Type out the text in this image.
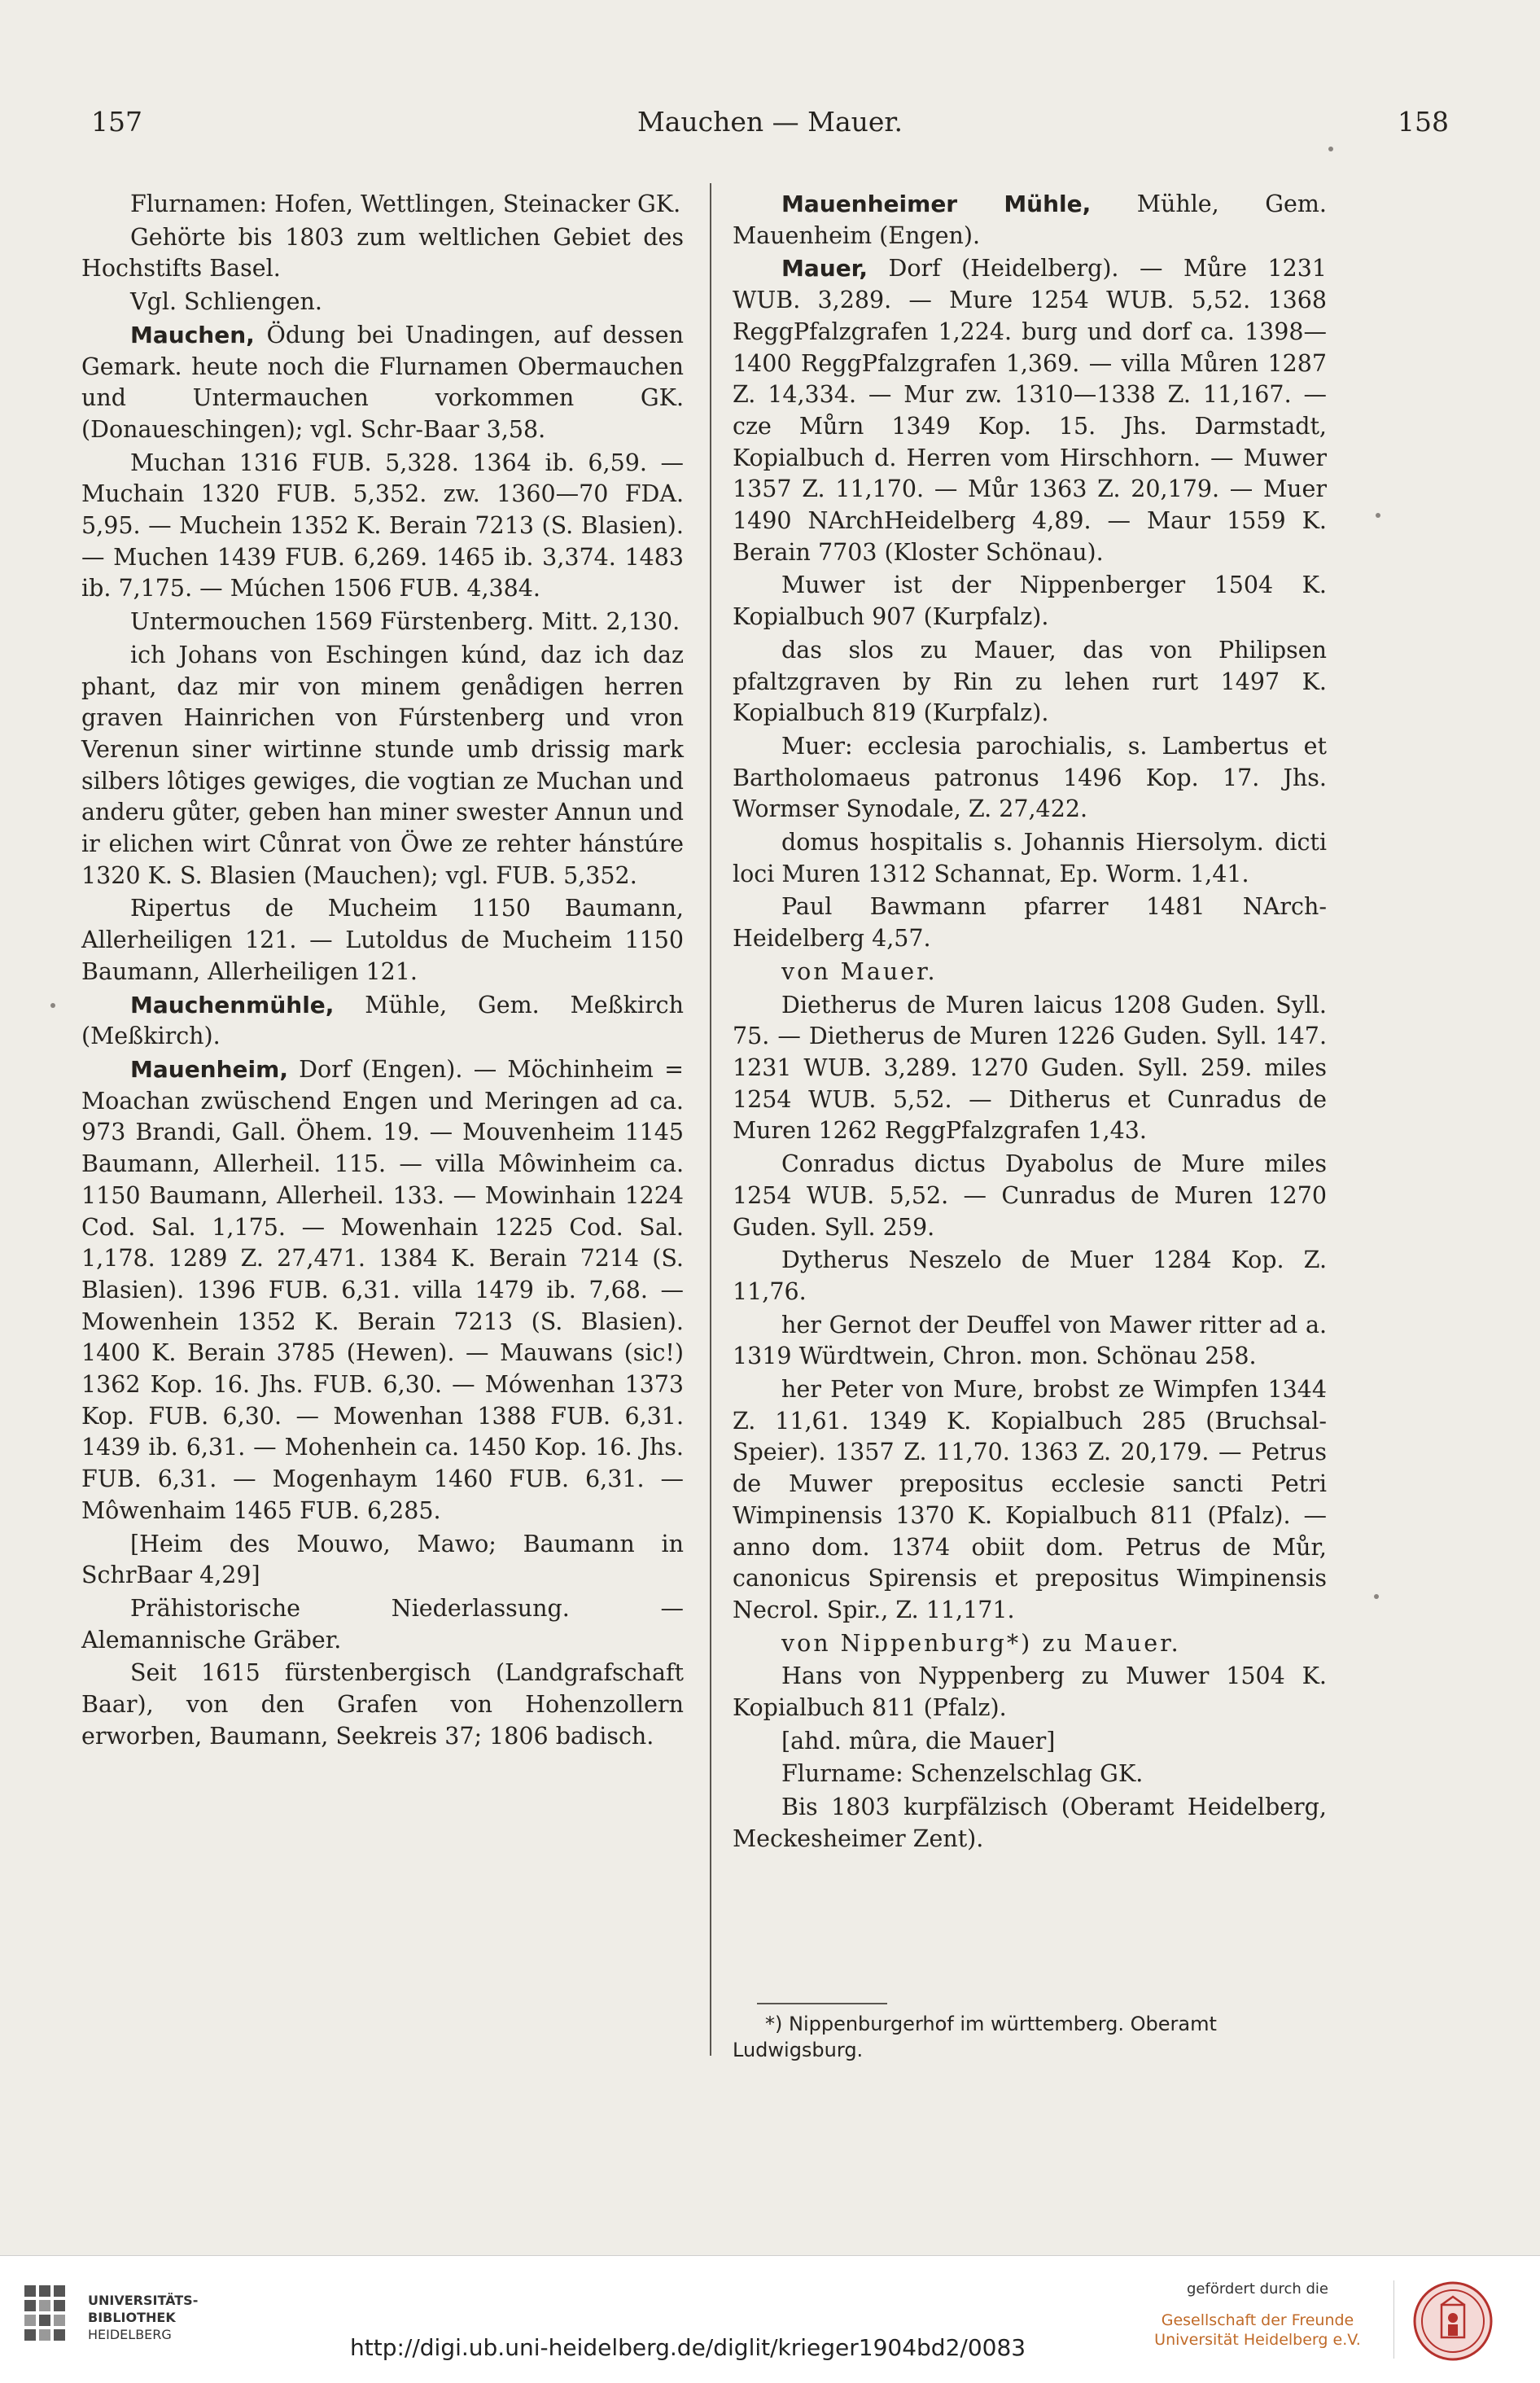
157	Mauchen — Mauer.	158

Flurnamen: Hofen, Wettlingen, Steinacker GK.

Gehörte bis 1803 zum weltlichen Gebiet des Hochstifts Basel.

Vgl. Schliengen.

Mauchen, Ödung bei Unadingen, auf dessen Gemark. heute noch die Flurnamen Obermauchen und Untermauchen vorkommen GK. (Donaueschingen); vgl. Schr-Baar 3,58.

Muchan 1316 FUB. 5,328. 1364 ib. 6,59. — Muchain 1320 FUB. 5,352. zw. 1360—70 FDA. 5,95. — Muchein 1352 K. Berain 7213 (S. Blasien). — Muchen 1439 FUB. 6,269. 1465 ib. 3,374. 1483 ib. 7,175. — Múchen 1506 FUB. 4,384.

Untermouchen 1569 Fürstenberg. Mitt. 2,130.

ich Johans von Eschingen kúnd, daz ich daz phant, daz mir von minem genådigen herren graven Hainrichen von Fúrstenberg und vron Verenun siner wirtinne stunde umb drissig mark silbers lôtiges gewiges, die vogtian ze Muchan und anderu gůter, geben han miner swester Annun und ir elichen wirt Cůnrat von Öwe ze rehter hánstúre 1320 K. S. Blasien (Mauchen); vgl. FUB. 5,352.

Ripertus de Mucheim 1150 Baumann, Allerheiligen 121. — Lutoldus de Mucheim 1150 Baumann, Allerheiligen 121.

Mauchenmühle, Mühle, Gem. Meßkirch (Meßkirch).

Mauenheim, Dorf (Engen). — Möchinheim = Moachan zwüschend Engen und Meringen ad ca. 973 Brandi, Gall. Öhem. 19. — Mouvenheim 1145 Baumann, Allerheil. 115. — villa Môwinheim ca. 1150 Baumann, Allerheil. 133. — Mowinhain 1224 Cod. Sal. 1,175. — Mowenhain 1225 Cod. Sal. 1,178. 1289 Z. 27,471. 1384 K. Berain 7214 (S. Blasien). 1396 FUB. 6,31. villa 1479 ib. 7,68. — Mowenhein 1352 K. Berain 7213 (S. Blasien). 1400 K. Berain 3785 (Hewen). — Mauwans (sic!) 1362 Kop. 16. Jhs. FUB. 6,30. — Mówenhan 1373 Kop. FUB. 6,30. — Mowenhan 1388 FUB. 6,31. 1439 ib. 6,31. — Mohenhein ca. 1450 Kop. 16. Jhs. FUB. 6,31. — Mogenhaym 1460 FUB. 6,31. — Môwenhaim 1465 FUB. 6,285.

[Heim des Mouwo, Mawo; Baumann in SchrBaar 4,29]

Prähistorische Niederlassung. — Alemannische Gräber.

Seit 1615 fürstenbergisch (Landgrafschaft Baar), von den Grafen von Hohenzollern erworben, Baumann, Seekreis 37; 1806 badisch.

Mauenheimer Mühle, Mühle, Gem. Mauenheim (Engen).

Mauer, Dorf (Heidelberg). — Můre 1231 WUB. 3,289. — Mure 1254 WUB. 5,52. 1368 ReggPfalzgrafen 1,224. burg und dorf ca. 1398—1400 ReggPfalzgrafen 1,369. — villa Můren 1287 Z. 14,334. — Mur zw. 1310—1338 Z. 11,167. — cze Můrn 1349 Kop. 15. Jhs. Darmstadt, Kopialbuch d. Herren vom Hirschhorn. — Muwer 1357 Z. 11,170. — Můr 1363 Z. 20,179. — Muer 1490 NArchHeidelberg 4,89. — Maur 1559 K. Berain 7703 (Kloster Schönau).

Muwer ist der Nippenberger 1504 K. Kopialbuch 907 (Kurpfalz).

das slos zu Mauer, das von Philipsen pfaltzgraven by Rin zu lehen rurt 1497 K. Kopialbuch 819 (Kurpfalz).

Muer: ecclesia parochialis, s. Lambertus et Bartholomaeus patronus 1496 Kop. 17. Jhs. Wormser Synodale, Z. 27,422.

domus hospitalis s. Johannis Hiersolym. dicti loci Muren 1312 Schannat, Ep. Worm. 1,41.

Paul Bawmann pfarrer 1481 NArch-Heidelberg 4,57.

von Mauer.

Dietherus de Muren laicus 1208 Guden. Syll. 75. — Dietherus de Muren 1226 Guden. Syll. 147. 1231 WUB. 3,289. 1270 Guden. Syll. 259. miles 1254 WUB. 5,52. — Ditherus et Cunradus de Muren 1262 ReggPfalzgrafen 1,43.

Conradus dictus Dyabolus de Mure miles 1254 WUB. 5,52. — Cunradus de Muren 1270 Guden. Syll. 259.

Dytherus Neszelo de Muer 1284 Kop. Z. 11,76.

her Gernot der Deuffel von Mawer ritter ad a. 1319 Würdtwein, Chron. mon. Schönau 258.

her Peter von Mure, brobst ze Wimpfen 1344 Z. 11,61. 1349 K. Kopialbuch 285 (Bruchsal-Speier). 1357 Z. 11,70. 1363 Z. 20,179. — Petrus de Muwer prepositus ecclesie sancti Petri Wimpinensis 1370 K. Kopialbuch 811 (Pfalz). — anno dom. 1374 obiit dom. Petrus de Můr, canonicus Spirensis et prepositus Wimpinensis Necrol. Spir., Z. 11,171.

von Nippenburg*) zu Mauer.

Hans von Nyppenberg zu Muwer 1504 K. Kopialbuch 811 (Pfalz).

[ahd. mûra, die Mauer]

Flurname: Schenzelschlag GK.

Bis 1803 kurpfälzisch (Oberamt Heidelberg, Meckesheimer Zent).

*) Nippenburgerhof im württemberg. Oberamt Ludwigsburg.
UNIVERSITÄTS-
BIBLIOTHEK
HEIDELBERG	http://digi.ub.uni-heidelberg.de/diglit/krieger1904bd2/0083
gefördert durch die
Gesellschaft der Freunde
Universität Heidelberg e.V.
